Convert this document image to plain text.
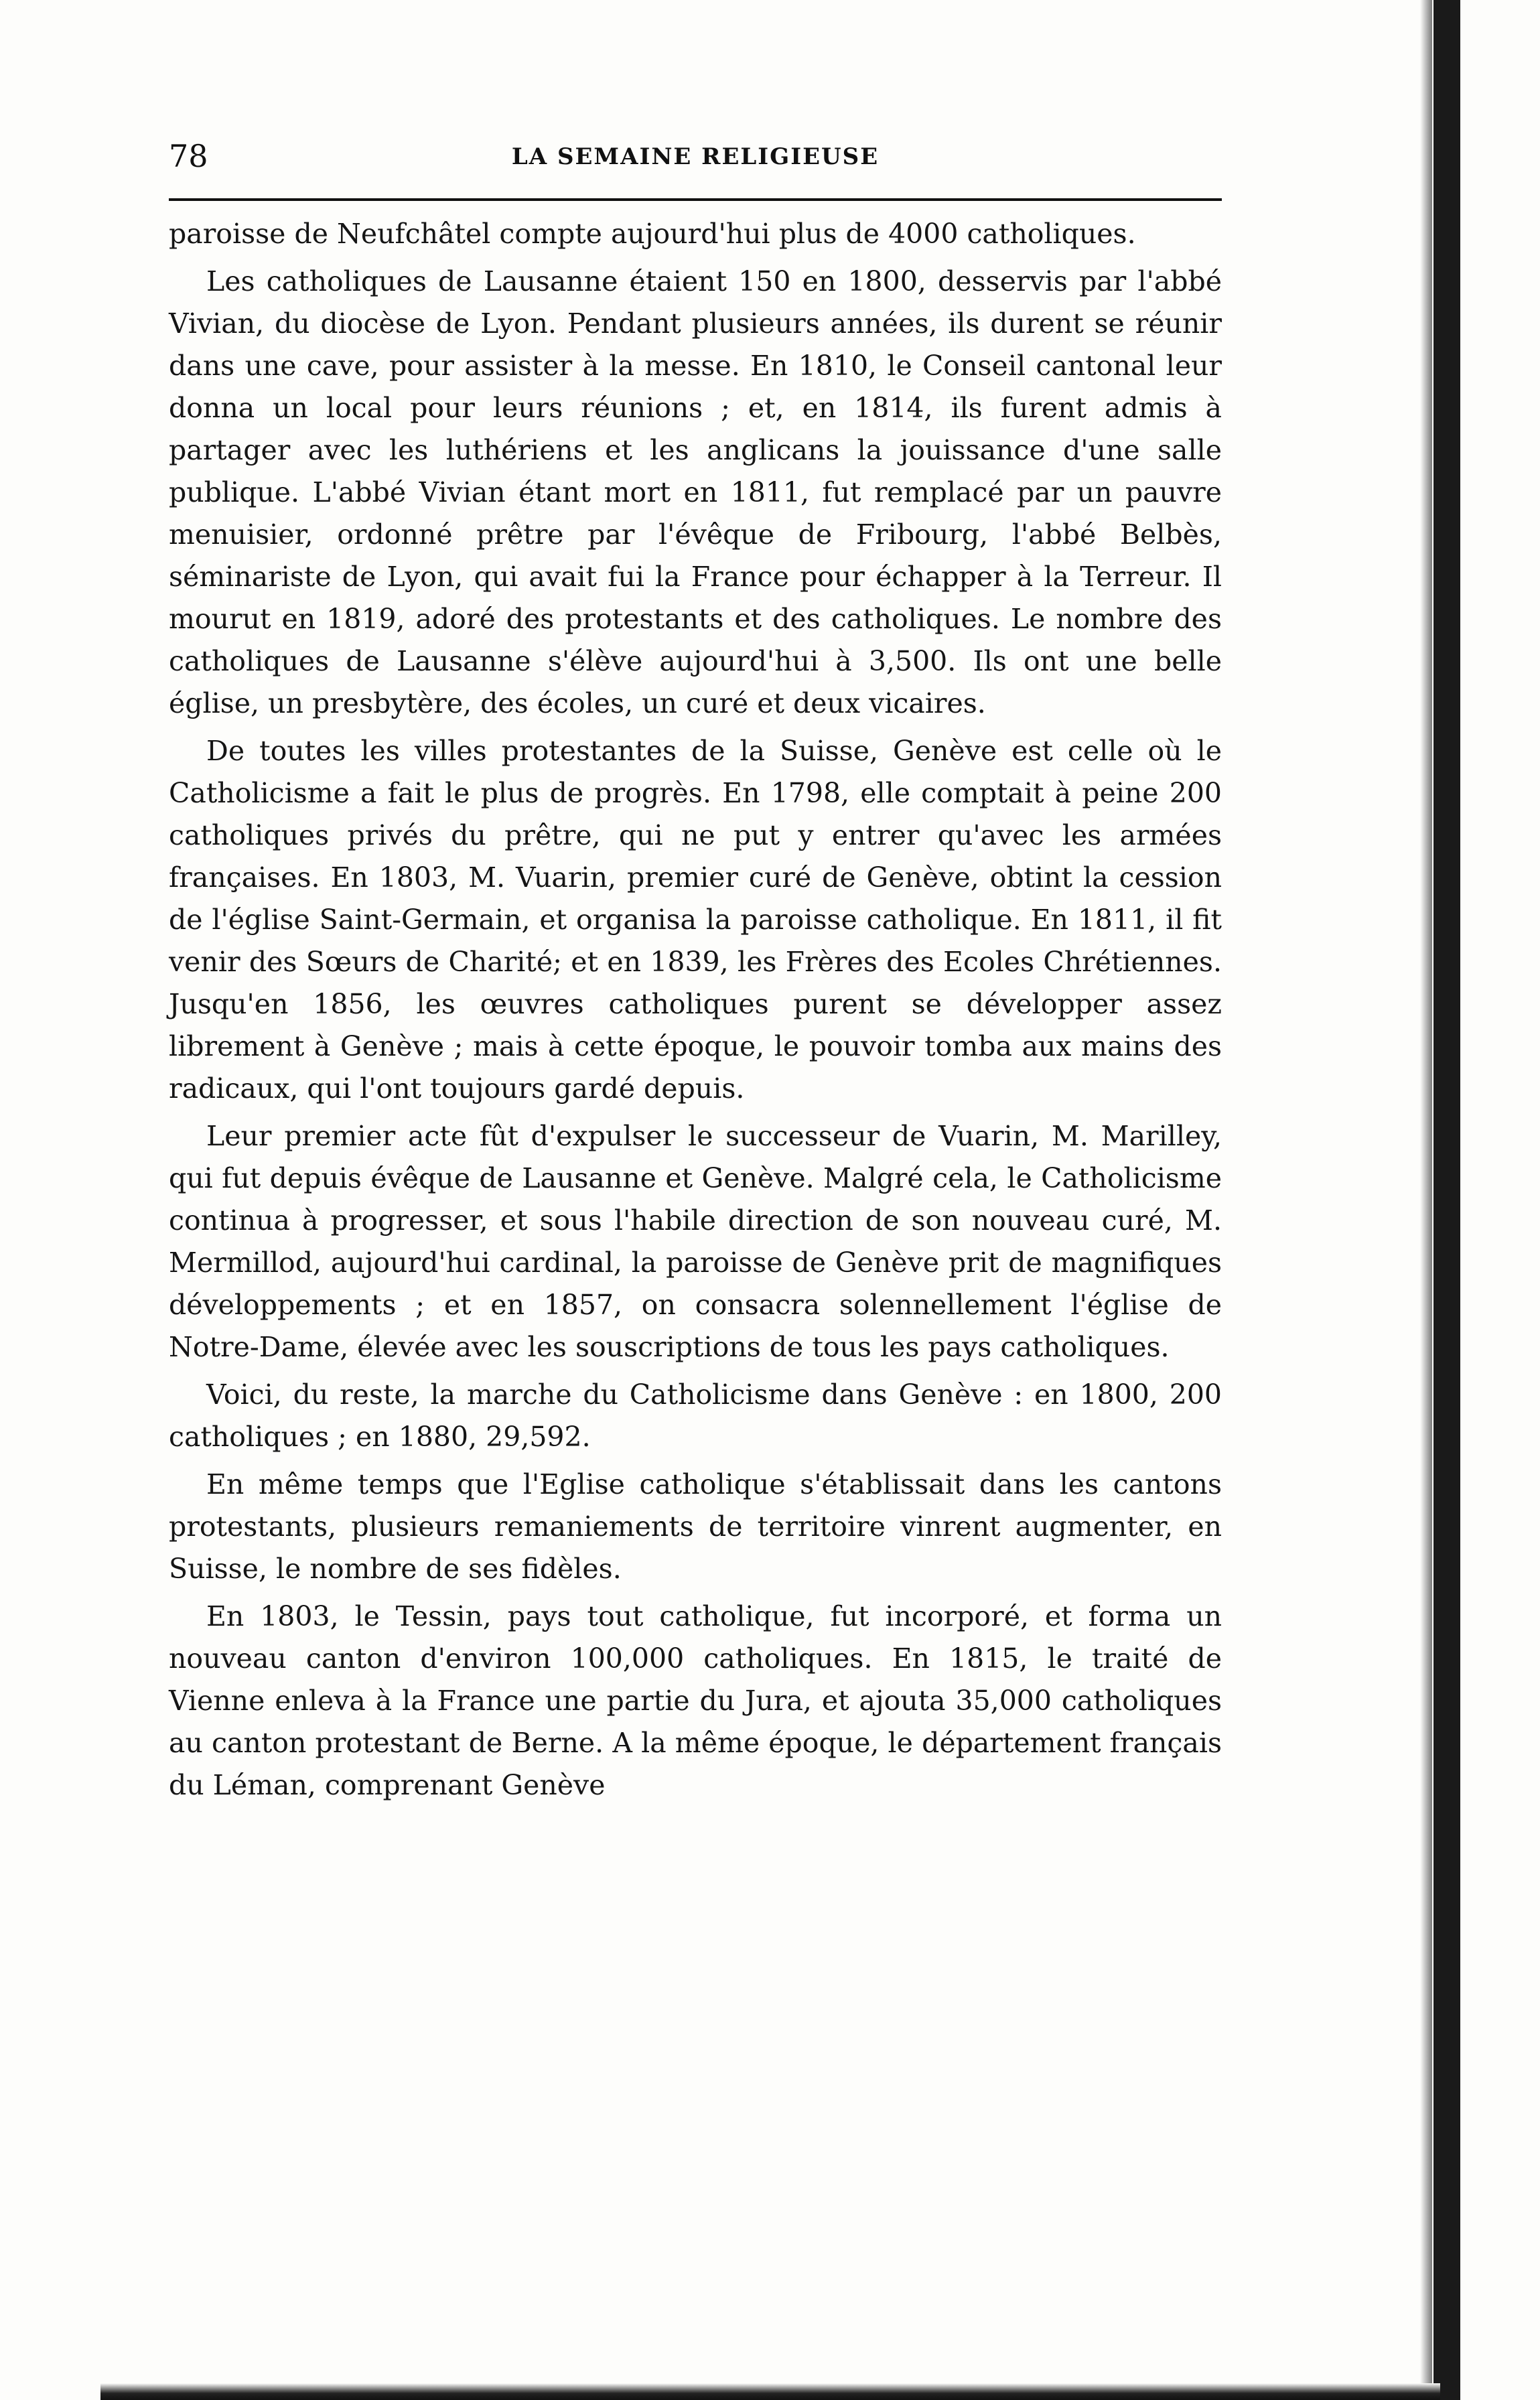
78	LA SEMAINE RELIGIEUSE

paroisse de Neufchâtel compte aujourd'hui plus de 4000 catholiques.

Les catholiques de Lausanne étaient 150 en 1800, desservis par l'abbé Vivian, du diocèse de Lyon. Pendant plusieurs années, ils durent se réunir dans une cave, pour assister à la messe. En 1810, le Conseil cantonal leur donna un local pour leurs réunions ; et, en 1814, ils furent admis à partager avec les luthériens et les anglicans la jouissance d'une salle publique. L'abbé Vivian étant mort en 1811, fut remplacé par un pauvre menuisier, ordonné prêtre par l'évêque de Fribourg, l'abbé Belbès, séminariste de Lyon, qui avait fui la France pour échapper à la Terreur. Il mourut en 1819, adoré des protestants et des catholiques. Le nombre des catholiques de Lausanne s'élève aujourd'hui à 3,500. Ils ont une belle église, un presbytère, des écoles, un curé et deux vicaires.

De toutes les villes protestantes de la Suisse, Genève est celle où le Catholicisme a fait le plus de progrès. En 1798, elle comptait à peine 200 catholiques privés du prêtre, qui ne put y entrer qu'avec les armées françaises. En 1803, M. Vuarin, premier curé de Genève, obtint la cession de l'église Saint-Germain, et organisa la paroisse catholique. En 1811, il fit venir des Sœurs de Charité; et en 1839, les Frères des Ecoles Chrétiennes. Jusqu'en 1856, les œuvres catholiques purent se développer assez librement à Genève ; mais à cette époque, le pouvoir tomba aux mains des radicaux, qui l'ont toujours gardé depuis.

Leur premier acte fût d'expulser le successeur de Vuarin, M. Marilley, qui fut depuis évêque de Lausanne et Genève. Malgré cela, le Catholicisme continua à progresser, et sous l'habile direction de son nouveau curé, M. Mermillod, aujourd'hui cardinal, la paroisse de Genève prit de magnifiques développements ; et en 1857, on consacra solennellement l'église de Notre-Dame, élevée avec les souscriptions de tous les pays catholiques.

Voici, du reste, la marche du Catholicisme dans Genève : en 1800, 200 catholiques ; en 1880, 29,592.

En même temps que l'Eglise catholique s'établissait dans les cantons protestants, plusieurs remaniements de territoire vinrent augmenter, en Suisse, le nombre de ses fidèles.

En 1803, le Tessin, pays tout catholique, fut incorporé, et forma un nouveau canton d'environ 100,000 catholiques. En 1815, le traité de Vienne enleva à la France une partie du Jura, et ajouta 35,000 catholiques au canton protestant de Berne. A la même époque, le département français du Léman, comprenant Genève
